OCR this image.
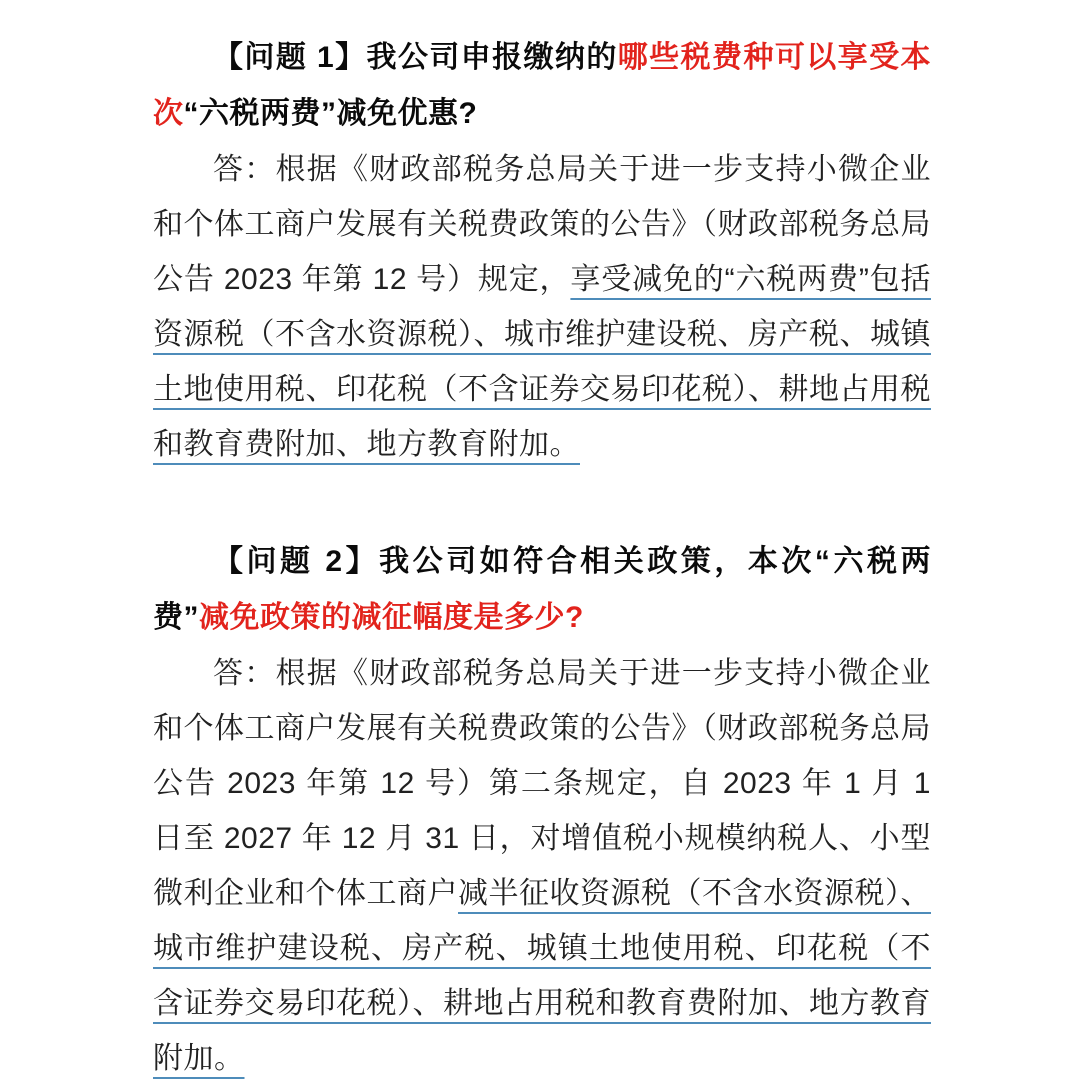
【问题 1】我公司申报缴纳的哪些税费种可以享受本次“六税两费”减免优惠?

答：根据《财政部税务总局关于进一步支持小微企业和个体工商户发展有关税费政策的公告》（财政部税务总局公告 2023 年第 12 号）规定，享受减免的“六税两费”包括资源税（不含水资源税）、城市维护建设税、房产税、城镇土地使用税、印花税（不含证券交易印花税）、耕地占用税和教育费附加、地方教育附加。

【问题 2】我公司如符合相关政策，本次“六税两费”减免政策的减征幅度是多少?

答：根据《财政部税务总局关于进一步支持小微企业和个体工商户发展有关税费政策的公告》（财政部税务总局公告 2023 年第 12 号）第二条规定，自 2023 年 1 月 1 日至 2027 年 12 月 31 日，对增值税小规模纳税人、小型微利企业和个体工商户减半征收资源税（不含水资源税）、城市维护建设税、房产税、城镇土地使用税、印花税（不含证券交易印花税）、耕地占用税和教育费附加、地方教育附加。
